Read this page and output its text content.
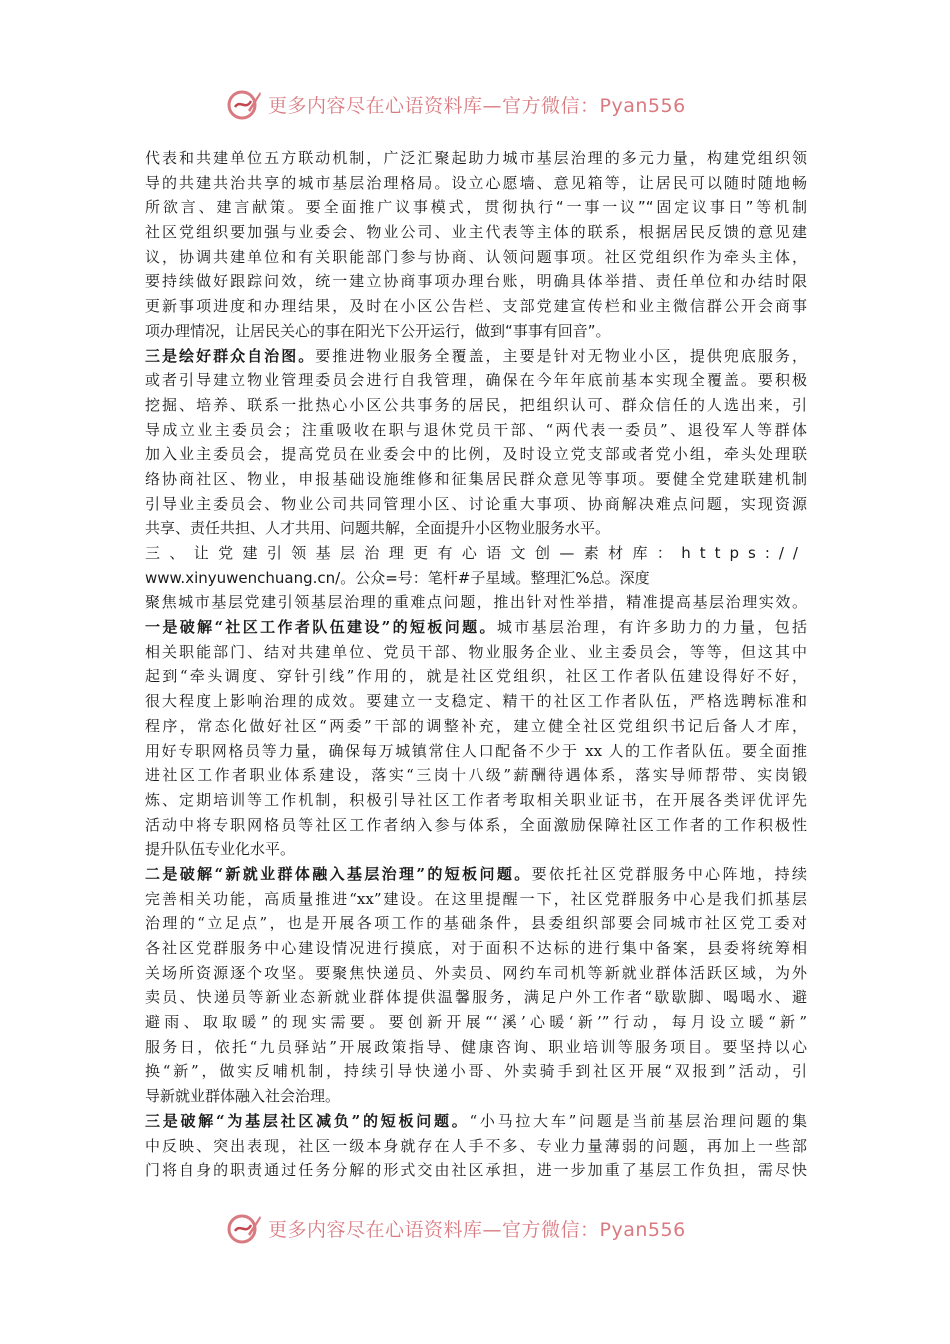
更多内容尽在心语资料库—官方微信：Pyan556
代表和共建单位五方联动机制，广泛汇聚起助力城市基层治理的多元力量，构建党组织领
导的共建共治共享的城市基层治理格局。设立心愿墙、意见箱等，让居民可以随时随地畅
所欲言、建言献策。要全面推广议事模式，贯彻执行“一事一议”“固定议事日”等机制
社区党组织要加强与业委会、物业公司、业主代表等主体的联系，根据居民反馈的意见建
议，协调共建单位和有关职能部门参与协商、认领问题事项。社区党组织作为牵头主体，
要持续做好跟踪问效，统一建立协商事项办理台账，明确具体举措、责任单位和办结时限
更新事项进度和办理结果，及时在小区公告栏、支部党建宣传栏和业主微信群公开会商事
项办理情况，让居民关心的事在阳光下公开运行，做到“事事有回音”。
三是绘好群众自治图。要推进物业服务全覆盖，主要是针对无物业小区，提供兜底服务，
或者引导建立物业管理委员会进行自我管理，确保在今年年底前基本实现全覆盖。要积极
挖掘、培养、联系一批热心小区公共事务的居民，把组织认可、群众信任的人选出来，引
导成立业主委员会；注重吸收在职与退休党员干部、“两代表一委员”、退役军人等群体
加入业主委员会，提高党员在业委会中的比例，及时设立党支部或者党小组，牵头处理联
络协商社区、物业，申报基础设施维修和征集居民群众意见等事项。要健全党建联建机制
引导业主委员会、物业公司共同管理小区、讨论重大事项、协商解决难点问题，实现资源
共享、责任共担、人才共用、问题共解，全面提升小区物业服务水平。
三、让党建引领基层治理更有心语文创—素材库：https://
www.xinyuwenchuang.cn/。公众=号：笔杆#子星域。整理汇%总。深度
聚焦城市基层党建引领基层治理的重难点问题，推出针对性举措，精准提高基层治理实效。
一是破解“社区工作者队伍建设”的短板问题。城市基层治理，有许多助力的力量，包括
相关职能部门、结对共建单位、党员干部、物业服务企业、业主委员会，等等，但这其中
起到“牵头调度、穿针引线”作用的，就是社区党组织，社区工作者队伍建设得好不好，
很大程度上影响治理的成效。要建立一支稳定、精干的社区工作者队伍，严格选聘标准和
程序，常态化做好社区“两委”干部的调整补充，建立健全社区党组织书记后备人才库，
用好专职网格员等力量，确保每万城镇常住人口配备不少于 xx 人的工作者队伍。要全面推
进社区工作者职业体系建设，落实“三岗十八级”薪酬待遇体系，落实导师帮带、实岗锻
炼、定期培训等工作机制，积极引导社区工作者考取相关职业证书，在开展各类评优评先
活动中将专职网格员等社区工作者纳入参与体系，全面激励保障社区工作者的工作积极性
提升队伍专业化水平。
二是破解“新就业群体融入基层治理”的短板问题。要依托社区党群服务中心阵地，持续
完善相关功能，高质量推进“xx”建设。在这里提醒一下，社区党群服务中心是我们抓基层
治理的“立足点”，也是开展各项工作的基础条件，县委组织部要会同城市社区党工委对
各社区党群服务中心建设情况进行摸底，对于面积不达标的进行集中备案，县委将统筹相
关场所资源逐个攻坚。要聚焦快递员、外卖员、网约车司机等新就业群体活跃区域，为外
卖员、快递员等新业态新就业群体提供温馨服务，满足户外工作者“歇歇脚、喝喝水、避
避雨、取取暖”的现实需要。要创新开展“‘溪’心暖‘新’”行动，每月设立暖“新”
服务日，依托“九员驿站”开展政策指导、健康咨询、职业培训等服务项目。要坚持以心
换“新”，做实反哺机制，持续引导快递小哥、外卖骑手到社区开展“双报到”活动，引
导新就业群体融入社会治理。
三是破解“为基层社区减负”的短板问题。“小马拉大车”问题是当前基层治理问题的集
中反映、突出表现，社区一级本身就存在人手不多、专业力量薄弱的问题，再加上一些部
门将自身的职责通过任务分解的形式交由社区承担，进一步加重了基层工作负担，需尽快
更多内容尽在心语资料库—官方微信：Pyan556
